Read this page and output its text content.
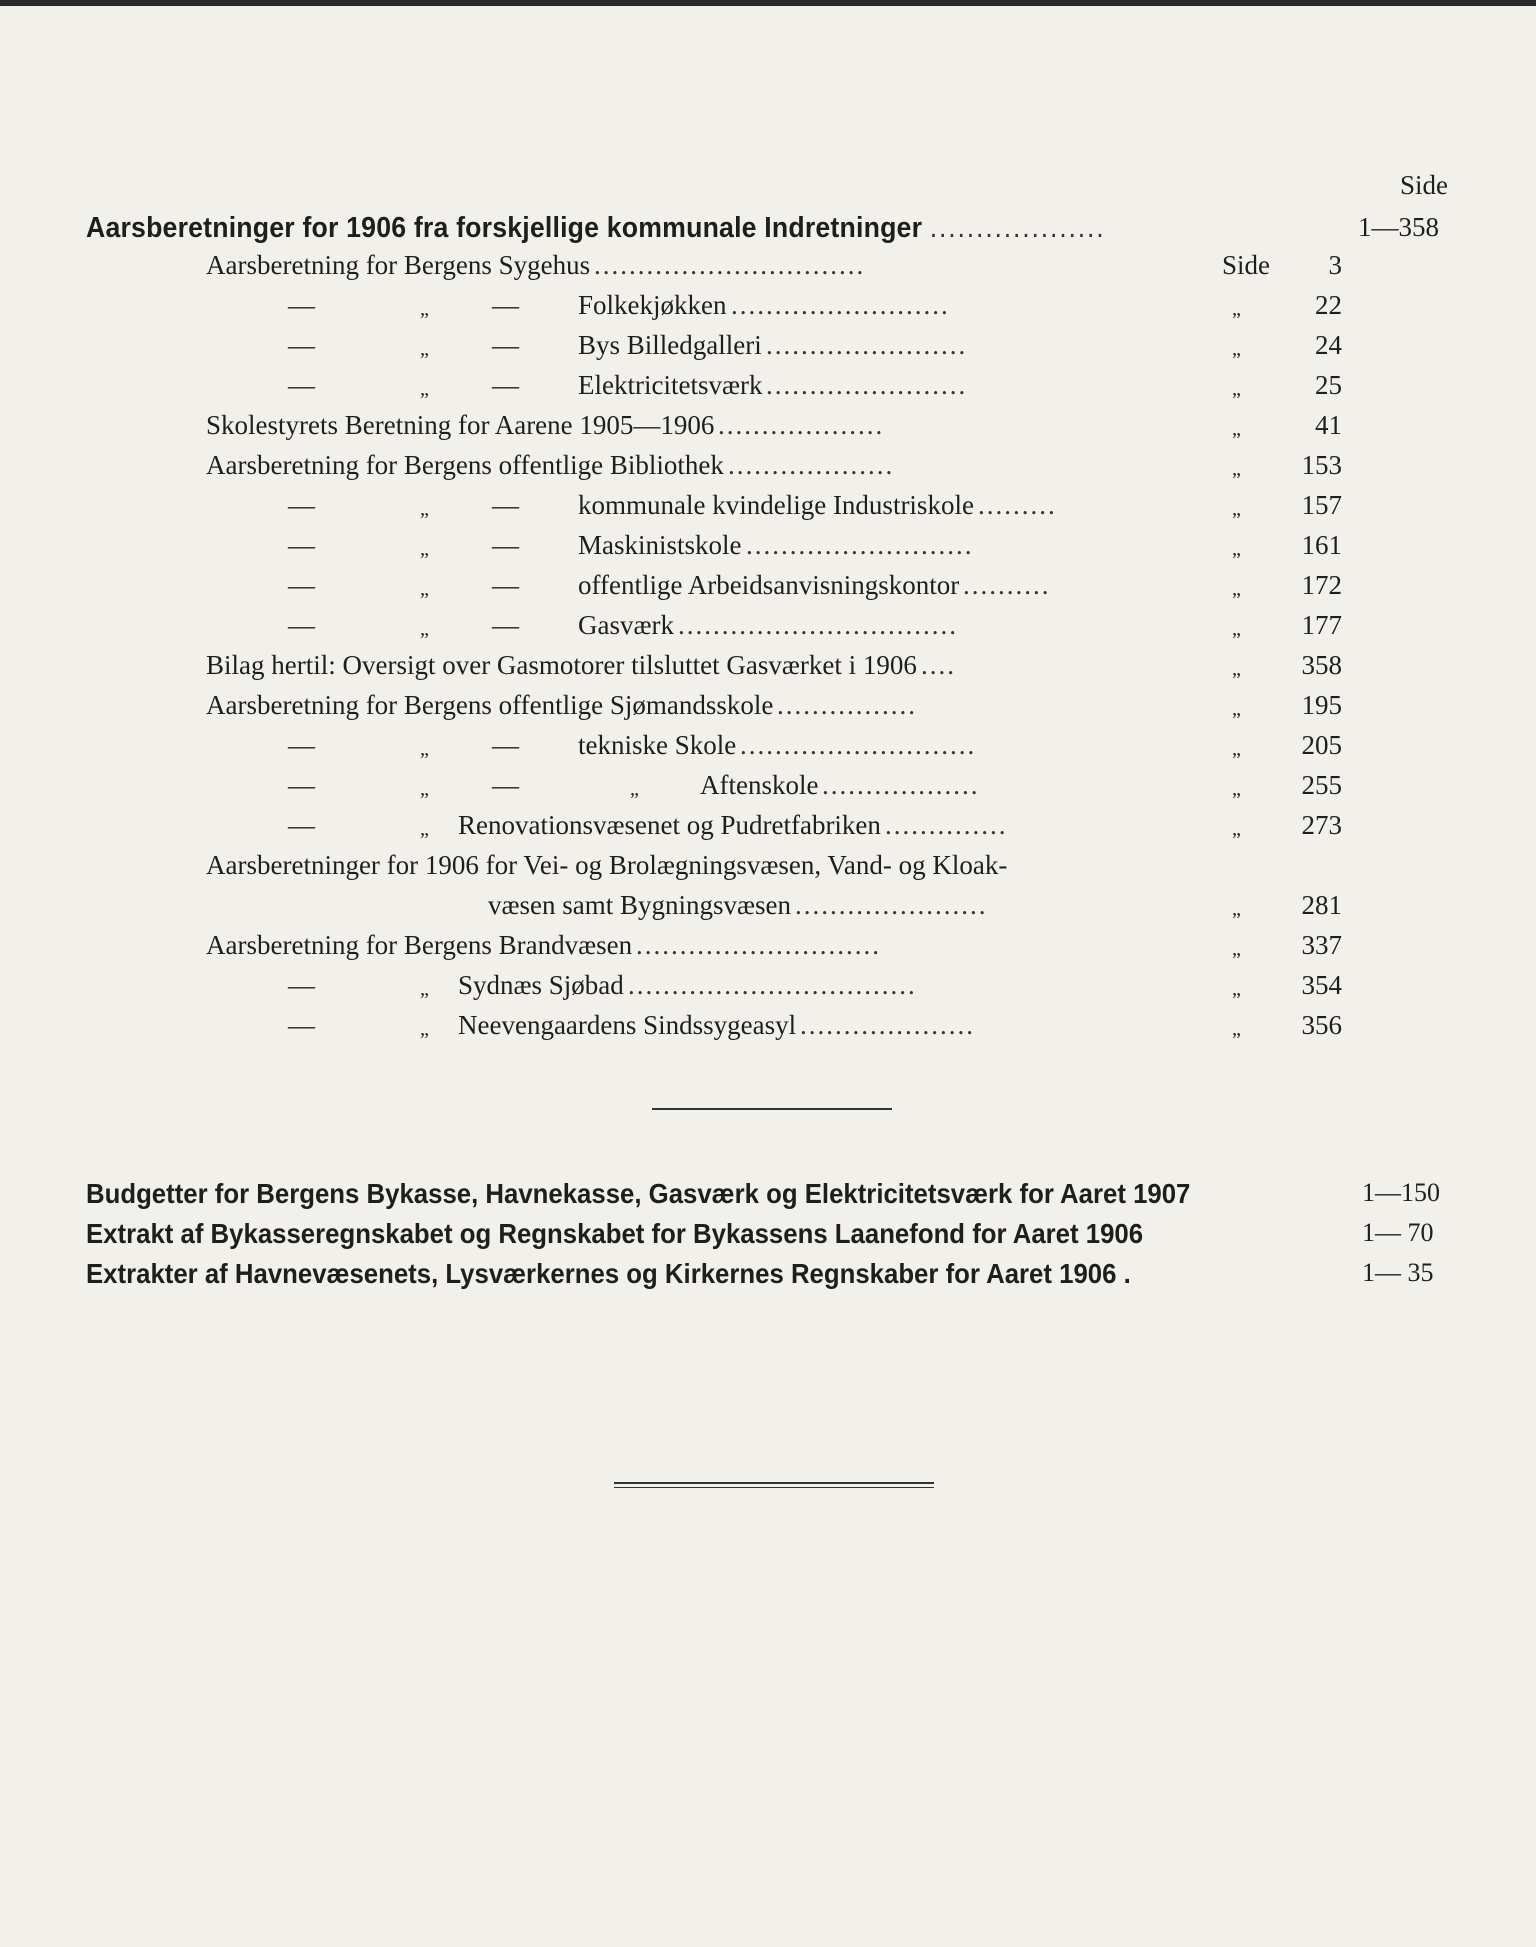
Side
Aarsberetninger for 1906 fra forskjellige kommunale Indretninger ...................	1—358
Aarsberetning for Bergens Sygehus ...............................	Side 3
—	„ — Folkekjøkken .........................	„	22
—	„ — Bys Billedgalleri .......................	„	24
—	„ — Elektricitetsværk .......................	„	25
Skolestyrets Beretning for Aarene 1905—1906 ...................	„	41
Aarsberetning for Bergens offentlige Bibliothek ...................	„ 153
—	„ — kommunale kvindelige Industriskole .........	„ 157
—	„ — Maskinistskole ..........................	„ 161
—	„ — offentlige Arbeidsanvisningskontor ..........	„ 172
—	„ — Gasværk ................................	„ 177
Bilag hertil: Oversigt over Gasmotorer tilsluttet Gasværket i 1906 ....	„ 358
Aarsberetning for Bergens offentlige Sjømandsskole ................	„ 195
—	„ — tekniske Skole ...........................	„ 205
—	„ —	„ Aftenskole ..................	„ 255
—	„ Renovationsvæsenet og Pudretfabriken ..............	„ 273
Aarsberetninger for 1906 for Vei- og Brolægningsvæsen, Vand- og Kloak-
væsen samt Bygningsvæsen ......................	„ 281
Aarsberetning for Bergens Brandvæsen ............................	„ 337
—	„ Sydnæs Sjøbad .................................	„ 354
—	„ Neevengaardens Sindssygeasyl ....................	„ 356
Budgetter for Bergens Bykasse, Havnekasse, Gasværk og Elektricitetsværk for Aaret 1907	1—150
Extrakt af Bykasseregnskabet og Regnskabet for Bykassens Laanefond for Aaret 1906	1— 70
Extrakter af Havnevæsenets, Lysværkernes og Kirkernes Regnskaber for Aaret 1906 .	1— 35
